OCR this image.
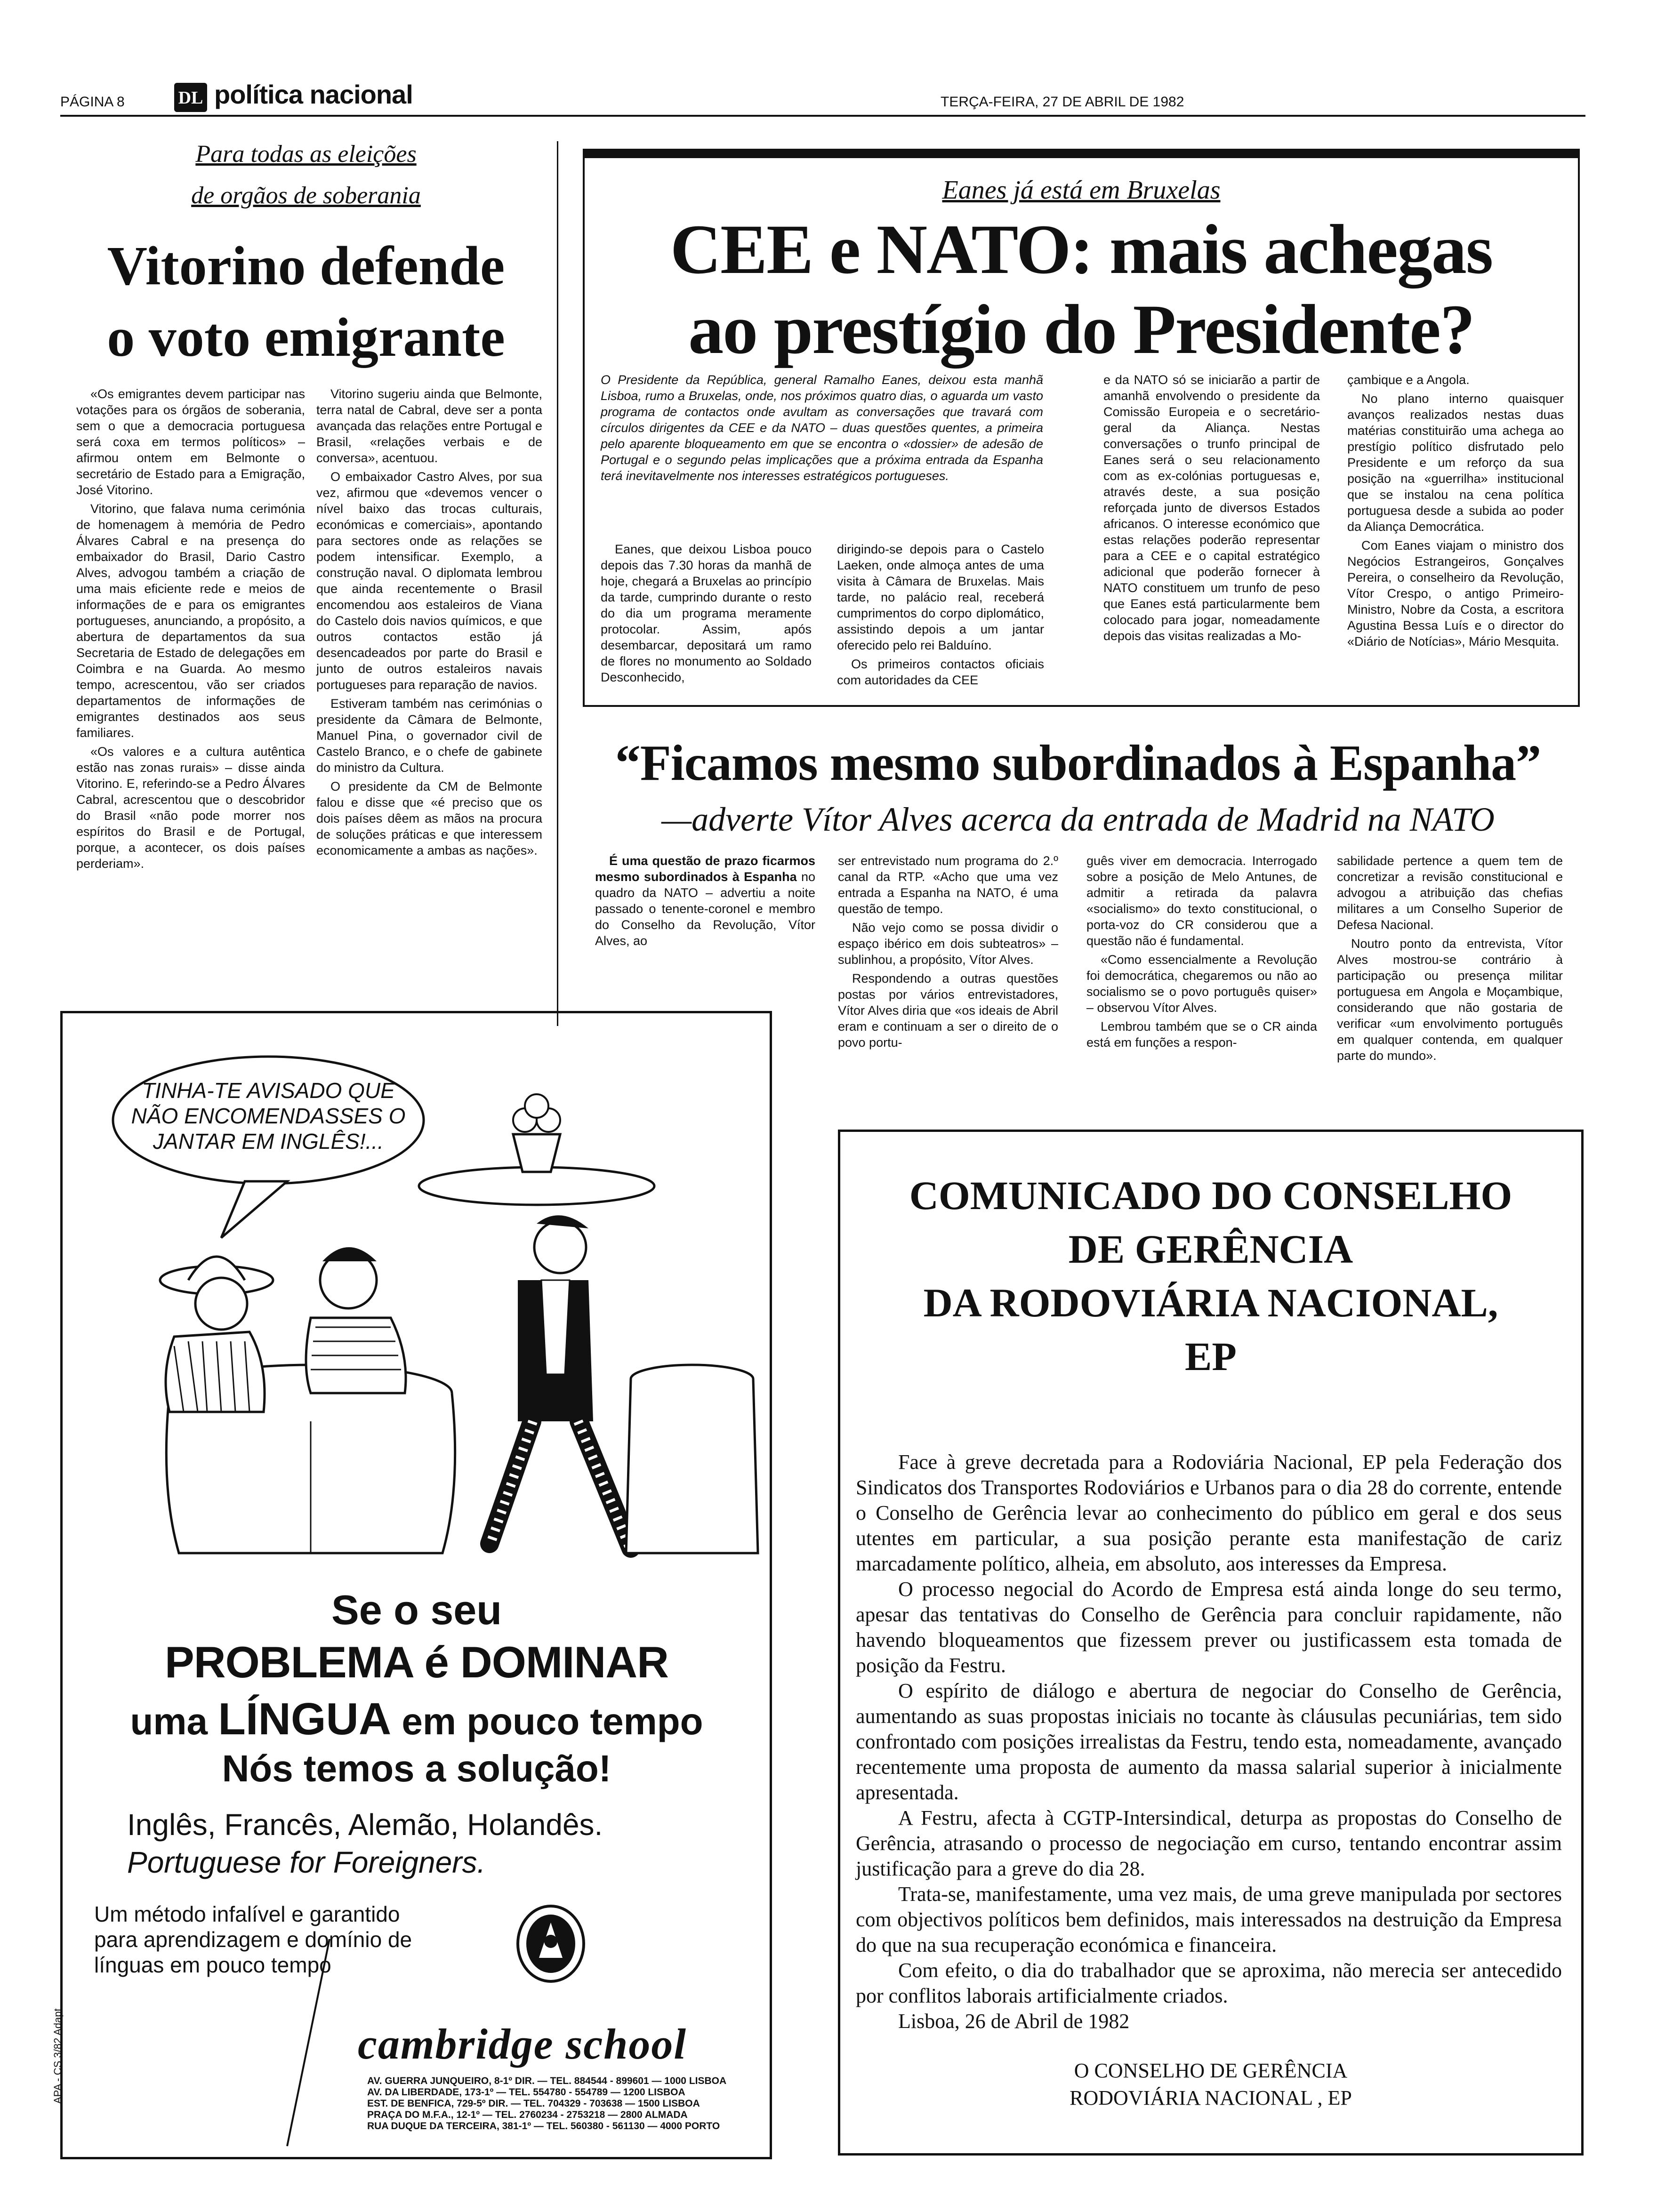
PÁGINA 8	DL política nacional	TERÇA-FEIRA, 27 DE ABRIL DE 1982
Para todas as eleições
de orgãos de soberania
Vitorino defende
o voto emigrante

«Os emigrantes devem participar nas votações para os órgãos de soberania, sem o que a democracia portuguesa será coxa em termos políticos» – afirmou ontem em Belmonte o secretário de Estado para a Emigração, José Vitorino.

Vitorino, que falava numa cerimónia de homenagem à memória de Pedro Álvares Cabral e na presença do embaixador do Brasil, Dario Castro Alves, advogou também a criação de uma mais eficiente rede e meios de informações de e para os emigrantes portugueses, anunciando, a propósito, a abertura de departamentos da sua Secretaria de Estado de delegações em Coimbra e na Guarda. Ao mesmo tempo, acrescentou, vão ser criados departamentos de informações de emigrantes destinados aos seus familiares.

«Os valores e a cultura autêntica estão nas zonas rurais» – disse ainda Vitorino. E, referindo-se a Pedro Álvares Cabral, acrescentou que o descobridor do Brasil «não pode morrer nos espíritos do Brasil e de Portugal, porque, a acontecer, os dois países perderiam».

Vitorino sugeriu ainda que Belmonte, terra natal de Cabral, deve ser a ponta avançada das relações entre Portugal e Brasil, «relações verbais e de conversa», acentuou.

O embaixador Castro Alves, por sua vez, afirmou que «devemos vencer o nível baixo das trocas culturais, económicas e comerciais», apontando para sectores onde as relações se podem intensificar. Exemplo, a construção naval. O diplomata lembrou que ainda recentemente o Brasil encomendou aos estaleiros de Viana do Castelo dois navios químicos, e que outros contactos estão já desencadeados por parte do Brasil e junto de outros estaleiros navais portugueses para reparação de navios.

Estiveram também nas cerimónias o presidente da Câmara de Belmonte, Manuel Pina, o governador civil de Castelo Branco, e o chefe de gabinete do ministro da Cultura.

O presidente da CM de Belmonte falou e disse que «é preciso que os dois países dêem as mãos na procura de soluções práticas e que interessem economicamente a ambas as nações».

Eanes já está em Bruxelas
CEE e NATO: mais achegas
ao prestígio do Presidente?
O Presidente da República, general Ramalho Eanes, deixou esta manhã Lisboa, rumo a Bruxelas, onde, nos próximos quatro dias, o aguarda um vasto programa de contactos onde avultam as conversações que travará com círculos dirigentes da CEE e da NATO – duas questões quentes, a primeira pelo aparente bloqueamento em que se encontra o «dossier» de adesão de Portugal e o segundo pelas implicações que a próxima entrada da Espanha terá inevitavelmente nos interesses estratégicos portugueses.

Eanes, que deixou Lisboa pouco depois das 7.30 horas da manhã de hoje, chegará a Bruxelas ao princípio da tarde, cumprindo durante o resto do dia um programa meramente protocolar. Assim, após desembarcar, depositará um ramo de flores no monumento ao Soldado Desconhecido,

dirigindo-se depois para o Castelo Laeken, onde almoça antes de uma visita à Câmara de Bruxelas. Mais tarde, no palácio real, receberá cumprimentos do corpo diplomático, assistindo depois a um jantar oferecido pelo rei Balduíno.

Os primeiros contactos oficiais com autoridades da CEE

e da NATO só se iniciarão a partir de amanhã envolvendo o presidente da Comissão Europeia e o secretário-geral da Aliança. Nestas conversações o trunfo principal de Eanes será o seu relacionamento com as ex-colónias portuguesas e, através deste, a sua posição reforçada junto de diversos Estados africanos. O interesse económico que estas relações poderão representar para a CEE e o capital estratégico adicional que poderão fornecer à NATO constituem um trunfo de peso que Eanes está particularmente bem colocado para jogar, nomeadamente depois das visitas realizadas a Mo-

çambique e a Angola.

No plano interno quaisquer avanços realizados nestas duas matérias constituirão uma achega ao prestígio político disfrutado pelo Presidente e um reforço da sua posição na «guerrilha» institucional que se instalou na cena política portuguesa desde a subida ao poder da Aliança Democrática.

Com Eanes viajam o ministro dos Negócios Estrangeiros, Gonçalves Pereira, o conselheiro da Revolução, Vítor Crespo, o antigo Primeiro-Ministro, Nobre da Costa, a escritora Agustina Bessa Luís e o director do «Diário de Notícias», Mário Mesquita.

“Ficamos mesmo subordinados à Espanha”
—adverte Vítor Alves acerca da entrada de Madrid na NATO

É uma questão de prazo ficarmos mesmo subordinados à Espanha no quadro da NATO – advertiu a noite passado o tenente-coronel e membro do Conselho da Revolução, Vítor Alves, ao

ser entrevistado num programa do 2.º canal da RTP. «Acho que uma vez entrada a Espanha na NATO, é uma questão de tempo.

Não vejo como se possa dividir o espaço ibérico em dois subteatros» – sublinhou, a propósito, Vítor Alves.

Respondendo a outras questões postas por vários entrevistadores, Vítor Alves diria que «os ideais de Abril eram e continuam a ser o direito de o povo portu-

guês viver em democracia. Interrogado sobre a posição de Melo Antunes, de admitir a retirada da palavra «socialismo» do texto constitucional, o porta-voz do CR considerou que a questão não é fundamental.

«Como essencialmente a Revolução foi democrática, chegaremos ou não ao socialismo se o povo português quiser» – observou Vítor Alves.

Lembrou também que se o CR ainda está em funções a respon-

sabilidade pertence a quem tem de concretizar a revisão constitucional e advogou a atribuição das chefias militares a um Conselho Superior de Defesa Nacional.

Noutro ponto da entrevista, Vítor Alves mostrou-se contrário à participação ou presença militar portuguesa em Angola e Moçambique, considerando que não gostaria de verificar «um envolvimento português em qualquer contenda, em qualquer parte do mundo».

TINHA-TE AVISADO QUE
NÃO ENCOMENDASSES O
JANTAR EM INGLÊS!...
Se o seu
PROBLEMA é DOMINAR
uma LÍNGUA em pouco tempo
Nós temos a solução!
Inglês, Francês, Alemão, Holandês.
Portuguese for Foreigners.
Um método infalível e garantido
para aprendizagem e domínio de
línguas em pouco tempo
cambridge school
APA - CS 3/82 Adapt	AV. GUERRA JUNQUEIRO, 8-1º DIR. — TEL. 884544 - 899601 — 1000 LISBOA
AV. DA LIBERDADE, 173-1º — TEL. 554780 - 554789 — 1200 LISBOA
EST. DE BENFICA, 729-5º DIR. — TEL. 704329 - 703638 — 1500 LISBOA
PRAÇA DO M.F.A., 12-1º — TEL. 2760234 - 2753218 — 2800 ALMADA
RUA DUQUE DA TERCEIRA, 381-1º — TEL. 560380 - 561130 — 4000 PORTO
COMUNICADO DO CONSELHO
DE GERÊNCIA
DA RODOVIÁRIA NACIONAL,
EP

Face à greve decretada para a Rodoviária Nacional, EP pela Federação dos Sindicatos dos Transportes Rodoviários e Urbanos para o dia 28 do corrente, entende o Conselho de Gerência levar ao conhecimento do público em geral e dos seus utentes em particular, a sua posição perante esta manifestação de cariz marcadamente político, alheia, em absoluto, aos interesses da Empresa.

O processo negocial do Acordo de Empresa está ainda longe do seu termo, apesar das tentativas do Conselho de Gerência para concluir rapidamente, não havendo bloqueamentos que fizessem prever ou justificassem esta tomada de posição da Festru.

O espírito de diálogo e abertura de negociar do Conselho de Gerência, aumentando as suas propostas iniciais no tocante às cláusulas pecuniárias, tem sido confrontado com posições irrealistas da Festru, tendo esta, nomeadamente, avançado recentemente uma proposta de aumento da massa salarial superior à inicialmente apresentada.

A Festru, afecta à CGTP-Intersindical, deturpa as propostas do Conselho de Gerência, atrasando o processo de negociação em curso, tentando encontrar assim justificação para a greve do dia 28.

Trata-se, manifestamente, uma vez mais, de uma greve manipulada por sectores com objectivos políticos bem definidos, mais interessados na destruição da Empresa do que na sua recuperação económica e financeira.

Com efeito, o dia do trabalhador que se aproxima, não merecia ser antecedido por conflitos laborais artificialmente criados.

Lisboa, 26 de Abril de 1982

O CONSELHO DE GERÊNCIA
RODOVIÁRIA NACIONAL , EP
